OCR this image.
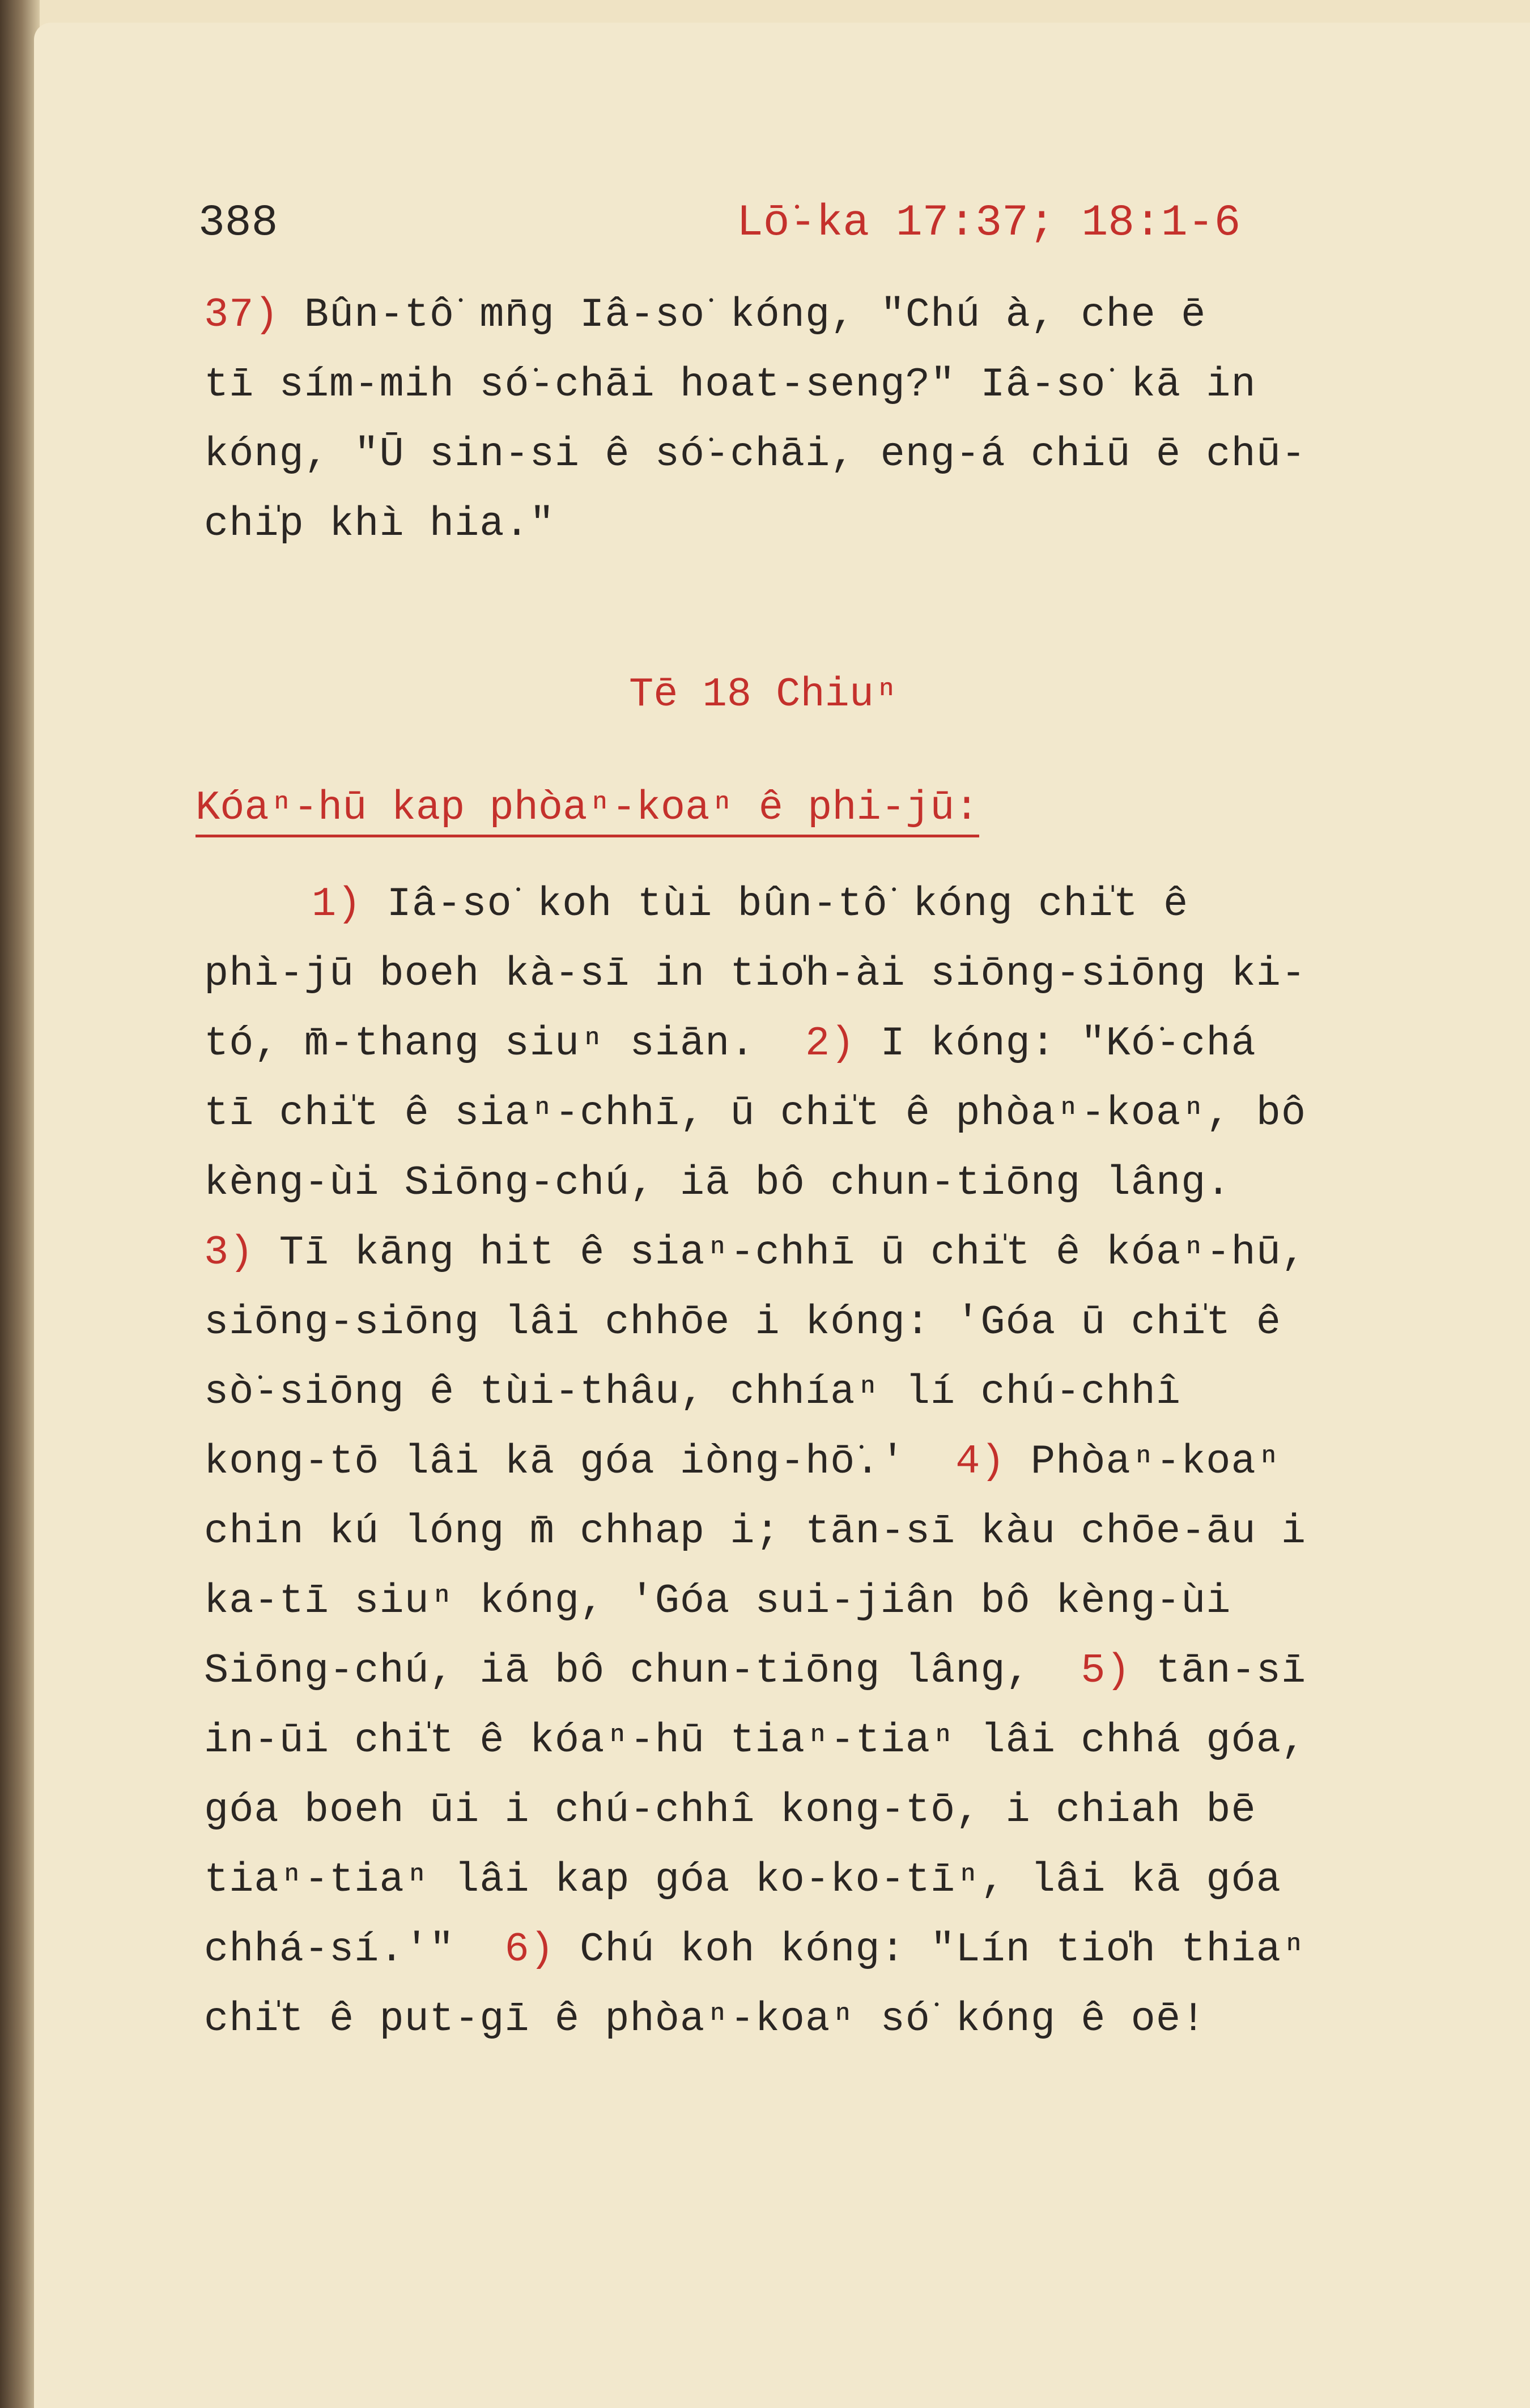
388	Lō͘-ka 17:37; 18:1-6
37) Bûn-tô͘ mn̄g Iâ-so͘ kóng, "Chú à, che ē
tī sím-mih só͘-chāi hoat-seng?" Iâ-so͘ kā in
kóng, "Ū sin-si ê só͘-chāi, eng-á chiū ē chū-
chi̍p khì hia."
Tē 18 Chiuⁿ
Kóaⁿ-hū kap phòaⁿ-koaⁿ ê phi-jū:
1) Iâ-so͘ koh tùi bûn-tô͘ kóng chi̍t ê
phì-jū boeh kà-sī in tio̍h-ài siōng-siōng ki-
tó, m̄-thang siuⁿ siān. 2) I kóng: "Kó͘-chá
tī chi̍t ê siaⁿ-chhī, ū chi̍t ê phòaⁿ-koaⁿ, bô
kèng-ùi Siōng-chú, iā bô chun-tiōng lâng.
3) Tī kāng hit ê siaⁿ-chhī ū chi̍t ê kóaⁿ-hū,
siōng-siōng lâi chhōe i kóng: 'Góa ū chi̍t ê
sò͘-siōng ê tùi-thâu, chhíaⁿ lí chú-chhî
kong-tō lâi kā góa iòng-hō͘.' 4) Phòaⁿ-koaⁿ
chin kú lóng m̄ chhap i; tān-sī kàu chōe-āu i
ka-tī siuⁿ kóng, 'Góa sui-jiân bô kèng-ùi
Siōng-chú, iā bô chun-tiōng lâng, 5) tān-sī
in-ūi chi̍t ê kóaⁿ-hū tiaⁿ-tiaⁿ lâi chhá góa,
góa boeh ūi i chú-chhî kong-tō, i chiah bē
tiaⁿ-tiaⁿ lâi kap góa ko-ko-tīⁿ, lâi kā góa
chhá-sí.'" 6) Chú koh kóng: "Lín tio̍h thiaⁿ
chi̍t ê put-gī ê phòaⁿ-koaⁿ só͘ kóng ê oē!
